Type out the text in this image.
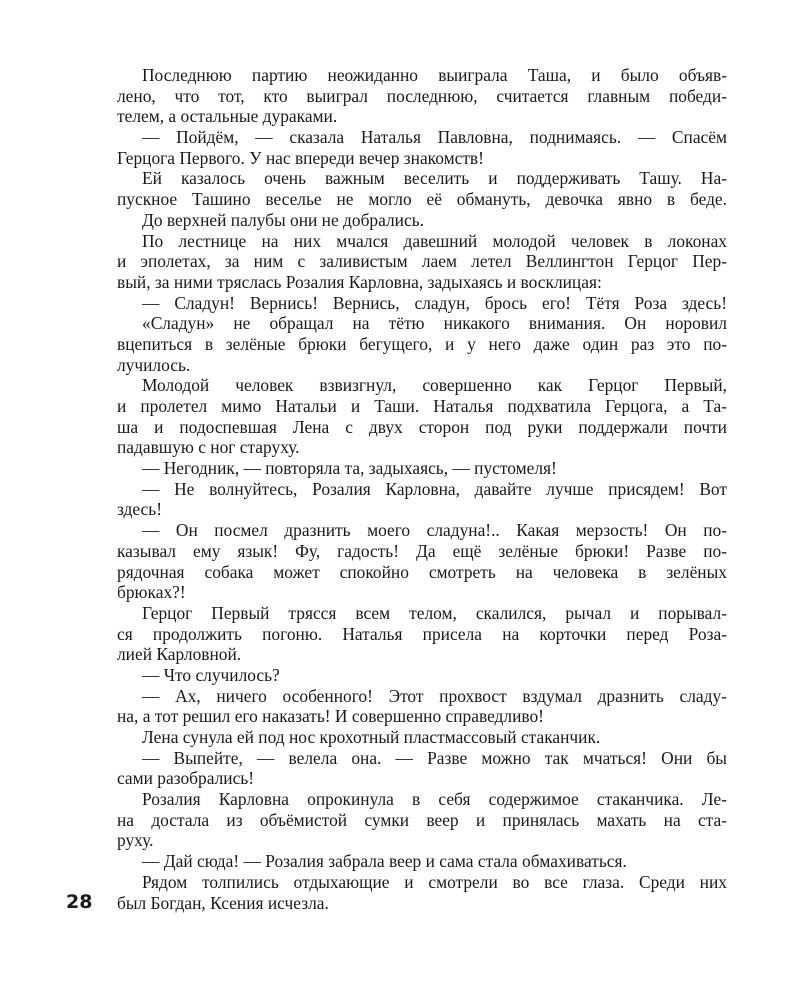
Последнюю партию неожиданно выиграла Таша, и было объяв-
лено, что тот, кто выиграл последнюю, считается главным победи-
телем, а остальные дураками.
— Пойдём, — сказала Наталья Павловна, поднимаясь. — Спасём
Герцога Первого. У нас впереди вечер знакомств!
Ей казалось очень важным веселить и поддерживать Ташу. На-
пускное Ташино веселье не могло её обмануть, девочка явно в беде.
До верхней палубы они не добрались.
По лестнице на них мчался давешний молодой человек в локонах
и эполетах, за ним с заливистым лаем летел Веллингтон Герцог Пер-
вый, за ними тряслась Розалия Карловна, задыхаясь и восклицая:
— Сладун! Вернись! Вернись, сладун, брось его! Тётя Роза здесь!
«Сладун» не обращал на тётю никакого внимания. Он норовил
вцепиться в зелёные брюки бегущего, и у него даже один раз это по-
лучилось.
Молодой человек взвизгнул, совершенно как Герцог Первый,
и пролетел мимо Натальи и Таши. Наталья подхватила Герцога, а Та-
ша и подоспевшая Лена с двух сторон под руки поддержали почти
падавшую с ног старуху.
— Негодник, — повторяла та, задыхаясь, — пустомеля!
— Не волнуйтесь, Розалия Карловна, давайте лучше присядем! Вот
здесь!
— Он посмел дразнить моего сладуна!.. Какая мерзость! Он по-
казывал ему язык! Фу, гадость! Да ещё зелёные брюки! Разве по-
рядочная собака может спокойно смотреть на человека в зелёных
брюках?!
Герцог Первый трясся всем телом, скалился, рычал и порывал-
ся продолжить погоню. Наталья присела на корточки перед Роза-
лией Карловной.
— Что случилось?
— Ах, ничего особенного! Этот прохвост вздумал дразнить сладу-
на, а тот решил его наказать! И совершенно справедливо!
Лена сунула ей под нос крохотный пластмассовый стаканчик.
— Выпейте, — велела она. — Разве можно так мчаться! Они бы
сами разобрались!
Розалия Карловна опрокинула в себя содержимое стаканчика. Ле-
на достала из объёмистой сумки веер и принялась махать на ста-
руху.
— Дай сюда! — Розалия забрала веер и сама стала обмахиваться.
Рядом толпились отдыхающие и смотрели во все глаза. Среди них
был Богдан, Ксения исчезла.
28
